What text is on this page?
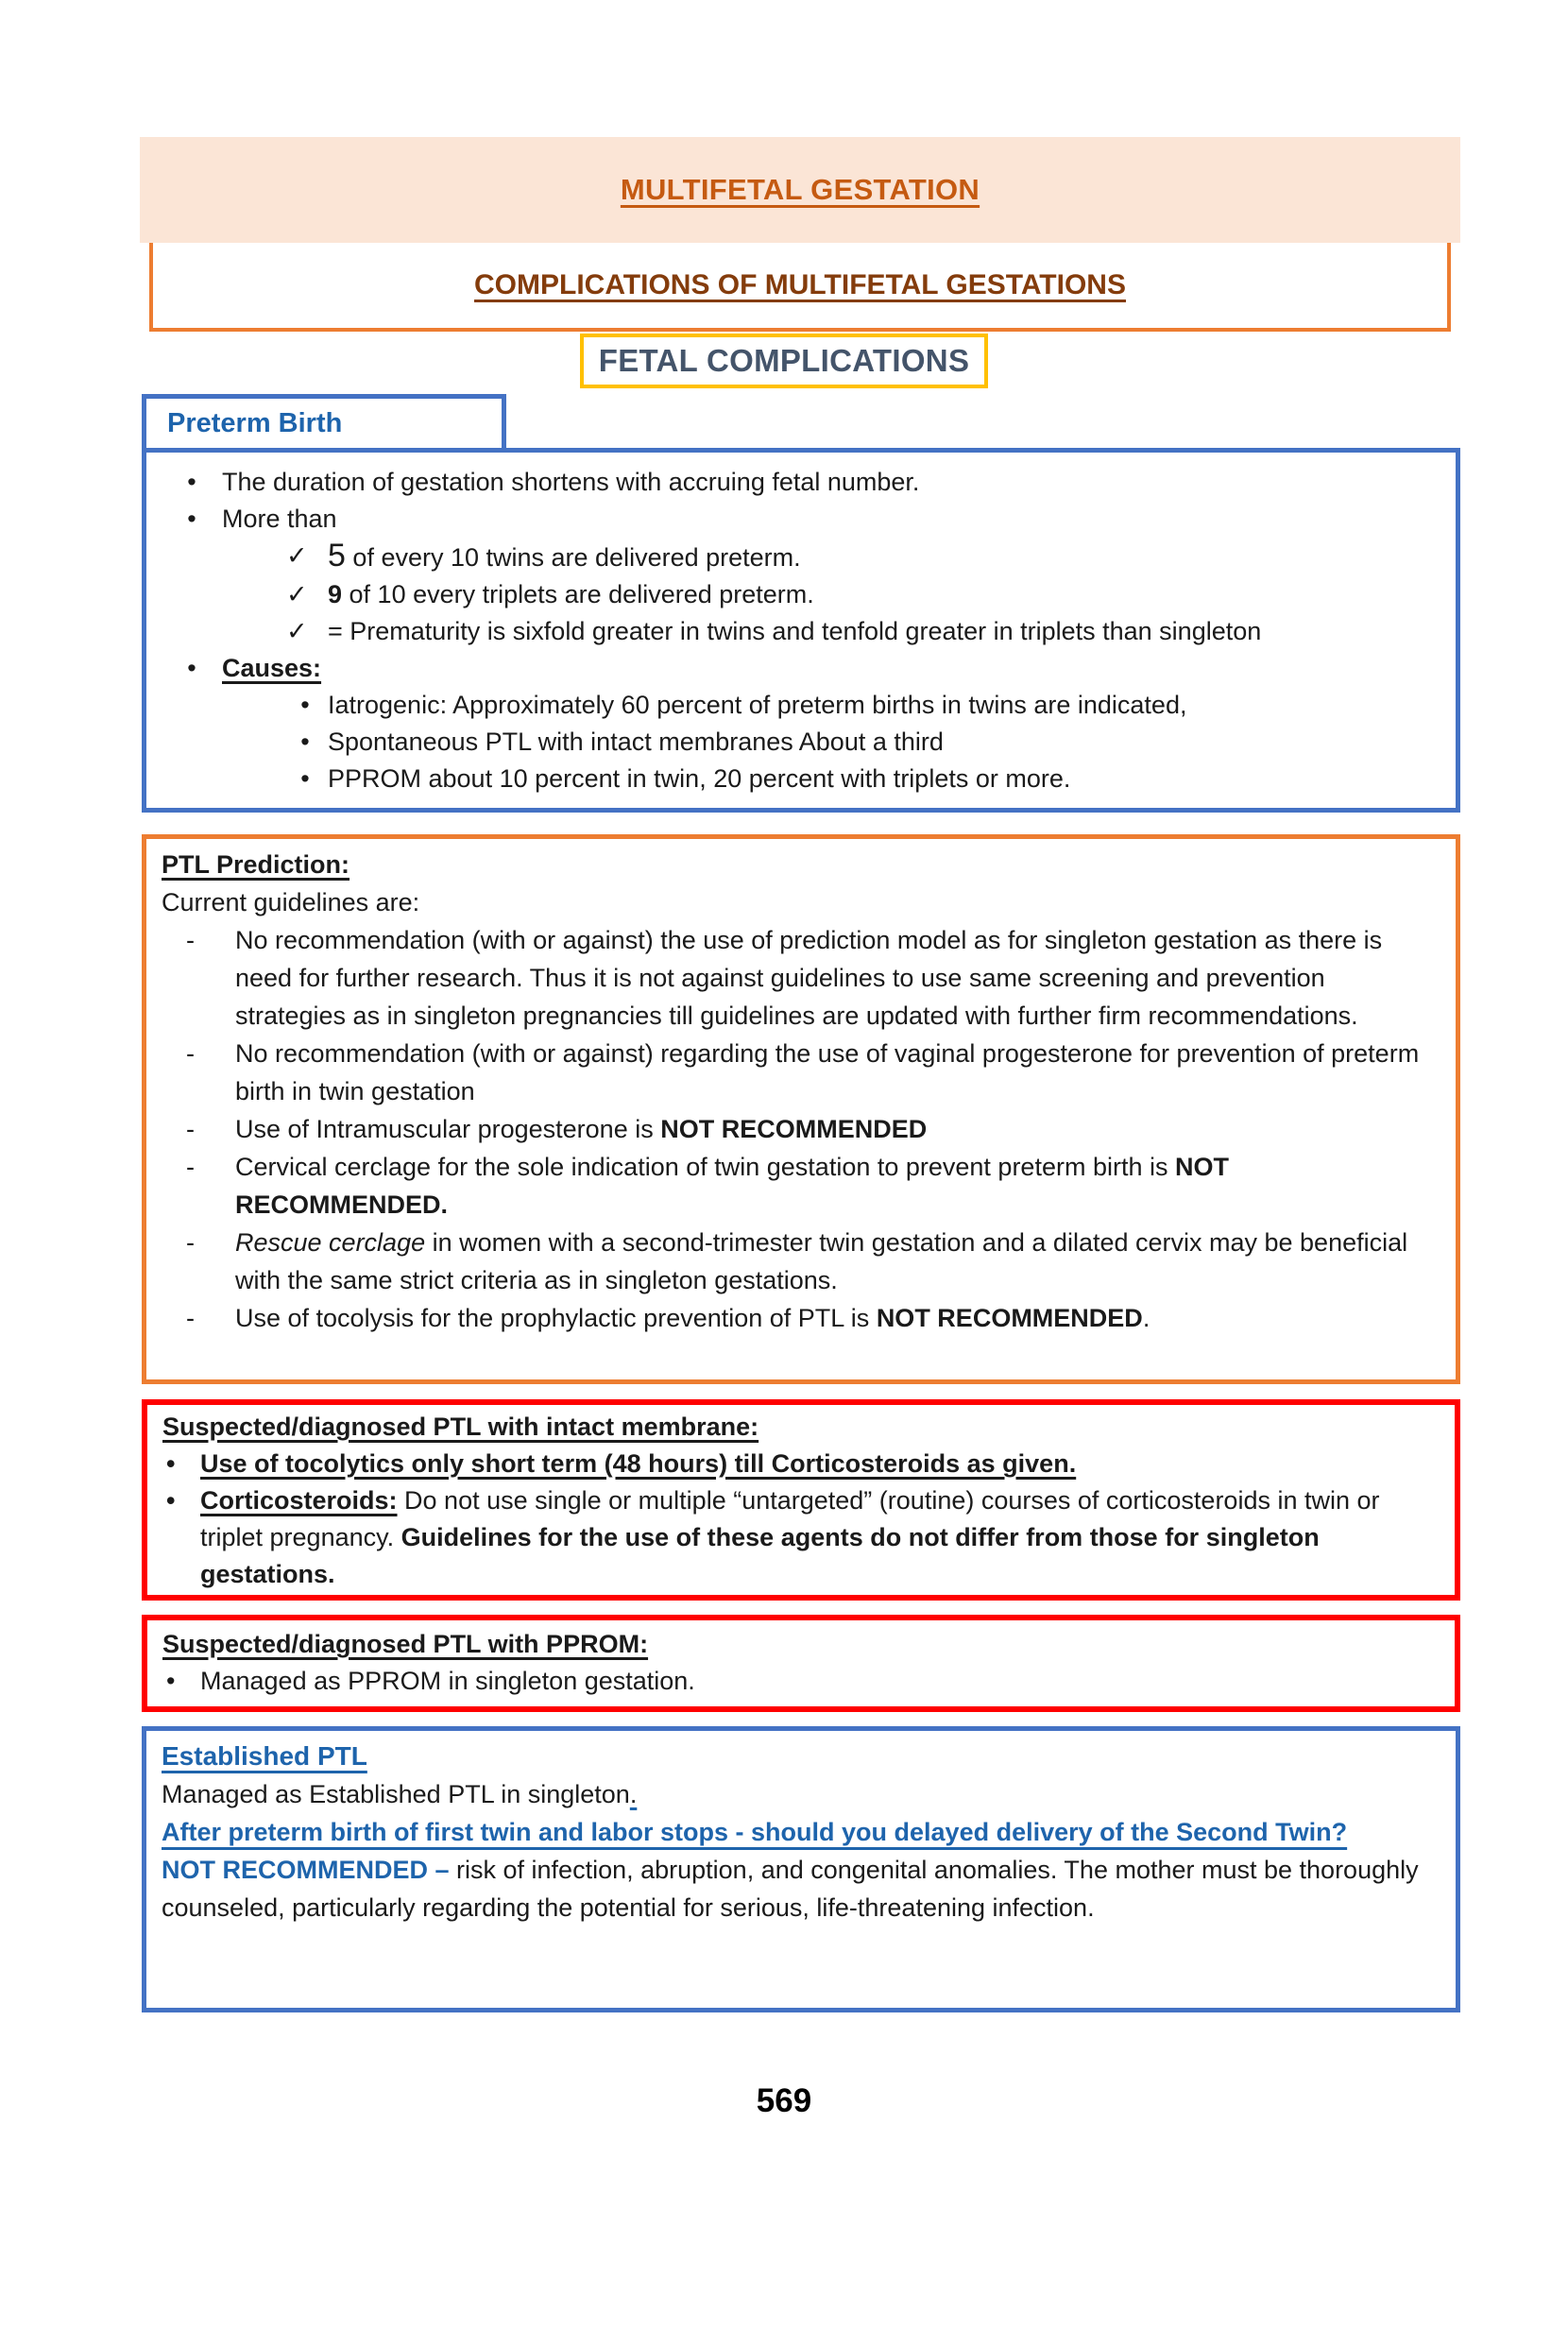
MULTIFETAL GESTATION
COMPLICATIONS OF MULTIFETAL GESTATIONS
FETAL COMPLICATIONS
Preterm Birth
•	The duration of gestation shortens with accruing fetal number.
•	More than
✓ 5 of every 10 twins are delivered preterm.
✓ 9 of 10 every triplets are delivered preterm.
✓ = Prematurity is sixfold greater in twins and tenfold greater in triplets than singleton
•	Causes:
• Iatrogenic: Approximately 60 percent of preterm births in twins are indicated,
• Spontaneous PTL with intact membranes About a third
• PPROM about 10 percent in twin, 20 percent with triplets or more.
PTL Prediction:
Current guidelines are:
-	No recommendation (with or against) the use of prediction model as for singleton gestation as there is need for further research. Thus it is not against guidelines to use same screening and prevention strategies as in singleton pregnancies till guidelines are updated with further firm recommendations.
-	No recommendation (with or against) regarding the use of vaginal progesterone for prevention of preterm birth in twin gestation
-	Use of Intramuscular progesterone is NOT RECOMMENDED
-	Cervical cerclage for the sole indication of twin gestation to prevent preterm birth is NOT RECOMMENDED.
-	Rescue cerclage in women with a second-trimester twin gestation and a dilated cervix may be beneficial with the same strict criteria as in singleton gestations.
-	Use of tocolysis for the prophylactic prevention of PTL is NOT RECOMMENDED.
Suspected/diagnosed PTL with intact membrane:
• Use of tocolytics only short term (48 hours) till Corticosteroids as given.
• Corticosteroids: Do not use single or multiple “untargeted” (routine) courses of corticosteroids in twin or triplet pregnancy. Guidelines for the use of these agents do not differ from those for singleton gestations.
Suspected/diagnosed PTL with PPROM:
• Managed as PPROM in singleton gestation.
Established PTL
Managed as Established PTL in singleton.
After preterm birth of first twin and labor stops - should you delayed delivery of the Second Twin?
NOT RECOMMENDED – risk of infection, abruption, and congenital anomalies. The mother must be thoroughly counseled, particularly regarding the potential for serious, life-threatening infection.
569
